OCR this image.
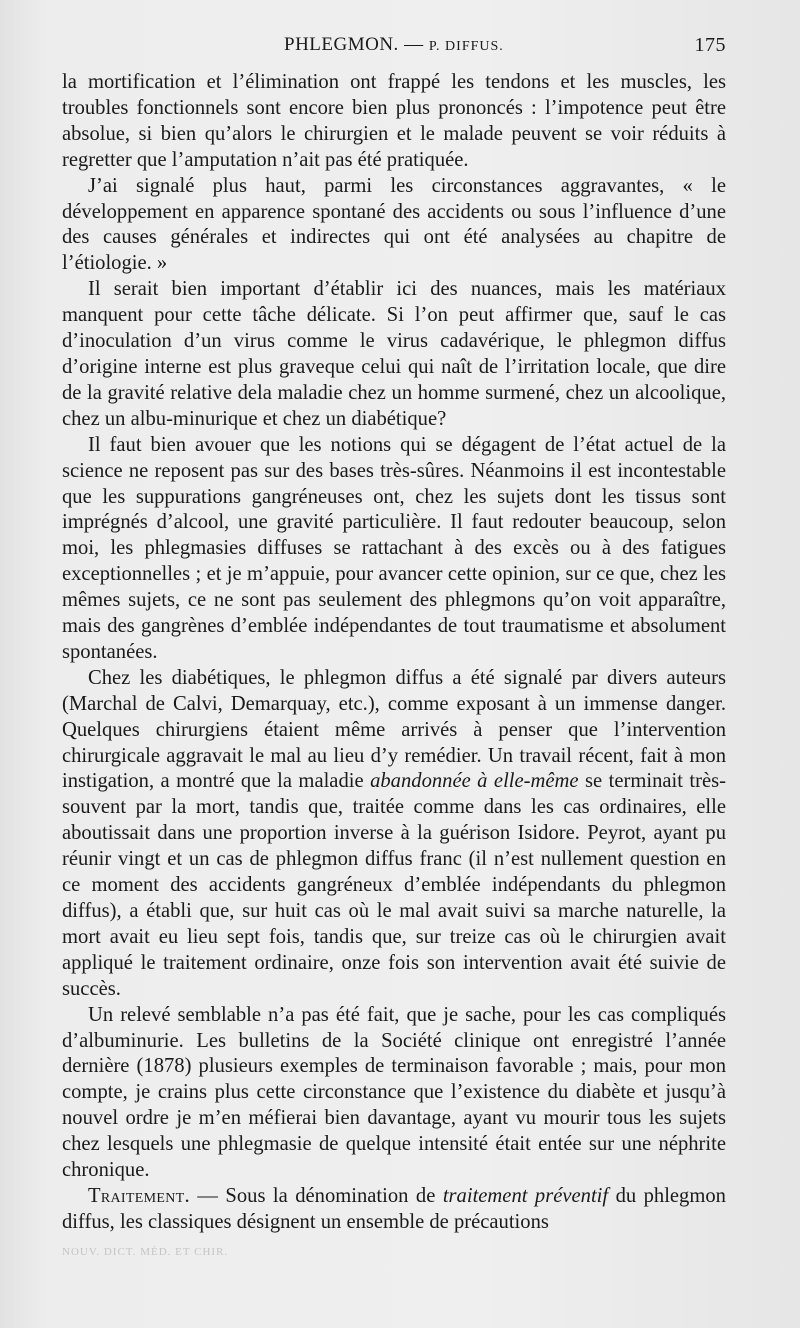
PHLEGMON. — P. DIFFUS.	175

la mortification et l’élimination ont frappé les tendons et les muscles, les troubles fonctionnels sont encore bien plus prononcés : l’impotence peut être absolue, si bien qu’alors le chirurgien et le malade peuvent se voir réduits à regretter que l’amputation n’ait pas été pratiquée.

J’ai signalé plus haut, parmi les circonstances aggravantes, « le développement en apparence spontané des accidents ou sous l’influence d’une des causes générales et indirectes qui ont été analysées au chapitre de l’étiologie. »

Il serait bien important d’établir ici des nuances, mais les matériaux manquent pour cette tâche délicate. Si l’on peut affirmer que, sauf le cas d’inoculation d’un virus comme le virus cadavérique, le phlegmon diffus d’origine interne est plus graveque celui qui naît de l’irritation locale, que dire de la gravité relative dela maladie chez un homme surmené, chez un alcoolique, chez un albu-minurique et chez un diabétique?

Il faut bien avouer que les notions qui se dégagent de l’état actuel de la science ne reposent pas sur des bases très-sûres. Néanmoins il est incontestable que les suppurations gangréneuses ont, chez les sujets dont les tissus sont imprégnés d’alcool, une gravité particulière. Il faut redouter beaucoup, selon moi, les phlegmasies diffuses se rattachant à des excès ou à des fatigues exceptionnelles ; et je m’appuie, pour avancer cette opinion, sur ce que, chez les mêmes sujets, ce ne sont pas seulement des phlegmons qu’on voit apparaître, mais des gangrènes d’emblée indépendantes de tout traumatisme et absolument spontanées.

Chez les diabétiques, le phlegmon diffus a été signalé par divers auteurs (Marchal de Calvi, Demarquay, etc.), comme exposant à un immense danger. Quelques chirurgiens étaient même arrivés à penser que l’intervention chirurgicale aggravait le mal au lieu d’y remédier. Un travail récent, fait à mon instigation, a montré que la maladie abandonnée à elle-même se terminait très-souvent par la mort, tandis que, traitée comme dans les cas ordinaires, elle aboutissait dans une proportion inverse à la guérison Isidore. Peyrot, ayant pu réunir vingt et un cas de phlegmon diffus franc (il n’est nullement question en ce moment des accidents gangréneux d’emblée indépendants du phlegmon diffus), a établi que, sur huit cas où le mal avait suivi sa marche naturelle, la mort avait eu lieu sept fois, tandis que, sur treize cas où le chirurgien avait appliqué le traitement ordinaire, onze fois son intervention avait été suivie de succès.

Un relevé semblable n’a pas été fait, que je sache, pour les cas compliqués d’albuminurie. Les bulletins de la Société clinique ont enregistré l’année dernière (1878) plusieurs exemples de terminaison favorable ; mais, pour mon compte, je crains plus cette circonstance que l’existence du diabète et jusqu’à nouvel ordre je m’en méfierai bien davantage, ayant vu mourir tous les sujets chez lesquels une phlegmasie de quelque intensité était entée sur une néphrite chronique.

Traitement. — Sous la dénomination de traitement préventif du phlegmon diffus, les classiques désignent un ensemble de précautions

NOUV. DICT. MÉD. ET CHIR.
